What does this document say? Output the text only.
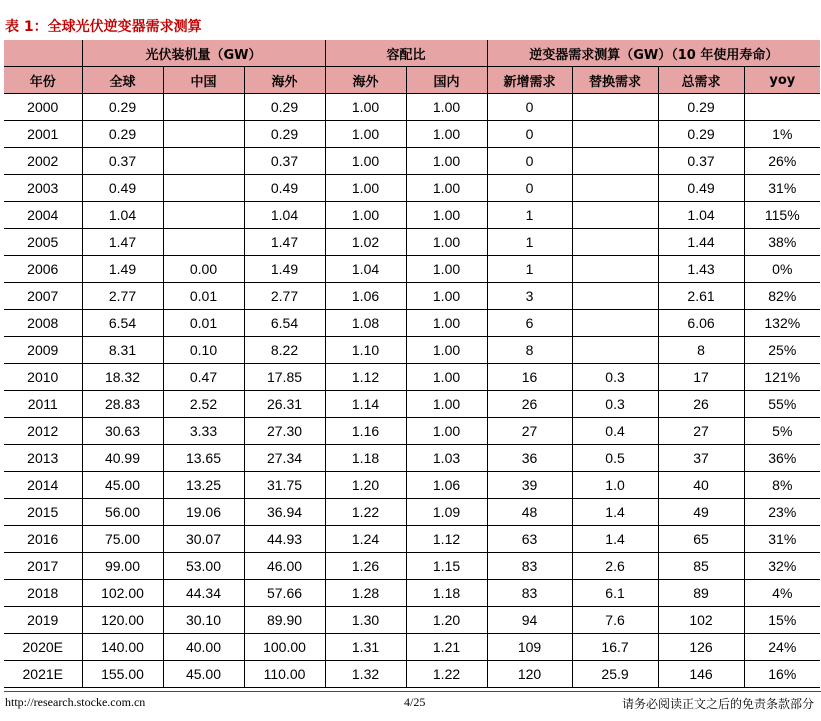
表 1：全球光伏逆变器需求测算
	光伏装机量（GW）			容配比		逆变器需求测算（GW）（10 年使用寿命）			
年份	全球	中国	海外	海外	国内	新增需求	替换需求	总需求	yoy
2000	0.29		0.29	1.00	1.00	0		0.29	
2001	0.29		0.29	1.00	1.00	0		0.29	1%
2002	0.37		0.37	1.00	1.00	0		0.37	26%
2003	0.49		0.49	1.00	1.00	0		0.49	31%
2004	1.04		1.04	1.00	1.00	1		1.04	115%
2005	1.47		1.47	1.02	1.00	1		1.44	38%
2006	1.49	0.00	1.49	1.04	1.00	1		1.43	0%
2007	2.77	0.01	2.77	1.06	1.00	3		2.61	82%
2008	6.54	0.01	6.54	1.08	1.00	6		6.06	132%
2009	8.31	0.10	8.22	1.10	1.00	8		8	25%
2010	18.32	0.47	17.85	1.12	1.00	16	0.3	17	121%
2011	28.83	2.52	26.31	1.14	1.00	26	0.3	26	55%
2012	30.63	3.33	27.30	1.16	1.00	27	0.4	27	5%
2013	40.99	13.65	27.34	1.18	1.03	36	0.5	37	36%
2014	45.00	13.25	31.75	1.20	1.06	39	1.0	40	8%
2015	56.00	19.06	36.94	1.22	1.09	48	1.4	49	23%
2016	75.00	30.07	44.93	1.24	1.12	63	1.4	65	31%
2017	99.00	53.00	46.00	1.26	1.15	83	2.6	85	32%
2018	102.00	44.34	57.66	1.28	1.18	83	6.1	89	4%
2019	120.00	30.10	89.90	1.30	1.20	94	7.6	102	15%
2020E	140.00	40.00	100.00	1.31	1.21	109	16.7	126	24%
2021E	155.00	45.00	110.00	1.32	1.22	120	25.9	146	16%
http://research.stocke.com.cn	4/25	请务必阅读正文之后的免责条款部分
